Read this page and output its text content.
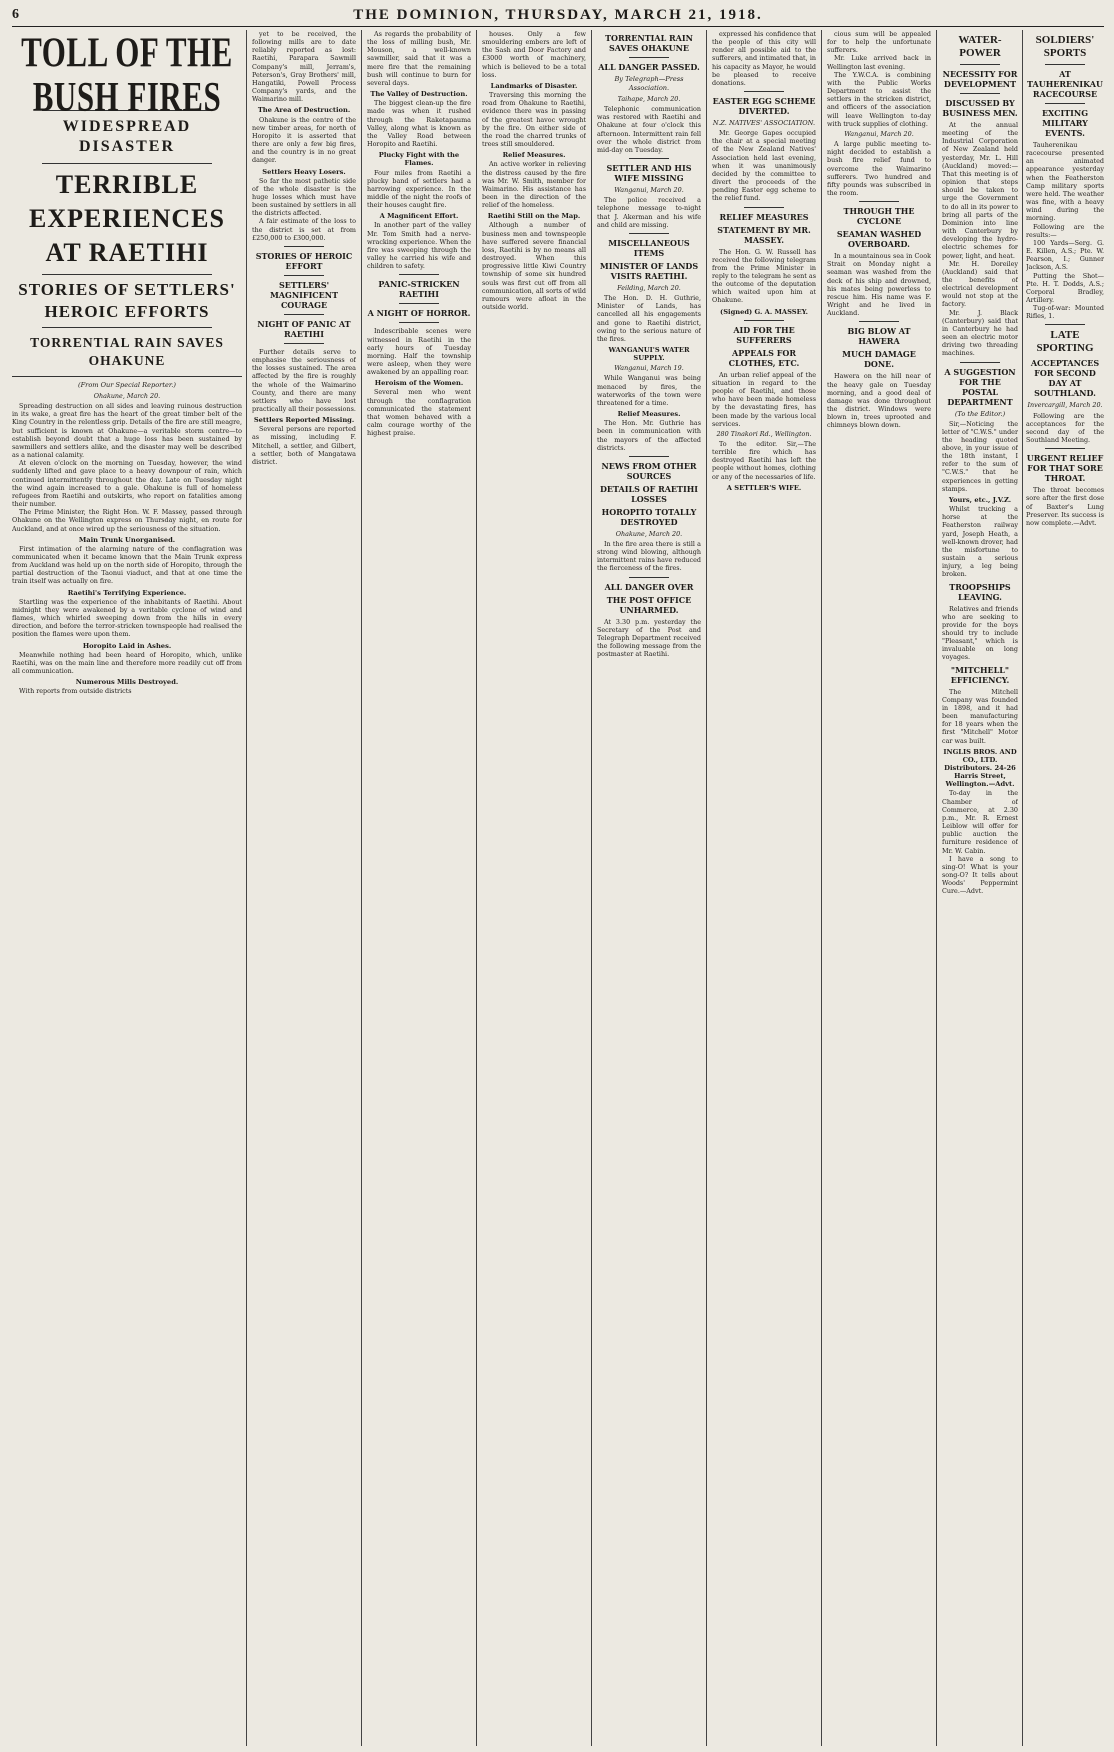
6	THE DOMINION, THURSDAY, MARCH 21, 1918.
TOLL OF THE BUSH FIRES
WIDESPREAD DISASTER
TERRIBLE EXPERIENCES AT RAETIHI
STORIES OF SETTLERS' HEROIC EFFORTS
TORRENTIAL RAIN SAVES OHAKUNE
(From Our Special Reporter.)
Ohakune, March 20.

Spreading destruction on all sides and leaving ruinous destruction in its wake, a great fire has the heart of the great timber belt of the King Country in the relentless grip. Details of the fire are still meagre, but sufficient is known at Ohakune—a veritable storm centre—to establish beyond doubt that a huge loss has been sustained by sawmillers and settlers alike, and the disaster may well be described as a national calamity.

At eleven o'clock on the morning on Tuesday, however, the wind suddenly lifted and gave place to a heavy downpour of rain, which continued intermittently throughout the day. Late on Tuesday night the wind again increased to a gale. Ohakune is full of homeless refugees from Raetihi and outskirts, who report on fatalities among their number.

The Prime Minister, the Right Hon. W. F. Massey, passed through Ohakune on the Wellington express on Thursday night, en route for Auckland, and at once wired up the seriousness of the situation.

Main Trunk Unorganised.

First intimation of the alarming nature of the conflagration was communicated when it became known that the Main Trunk express from Auckland was held up on the north side of Horopito, through the partial destruction of the Taonui viaduct, and that at one time the train itself was actually on fire.

Raetihi's Terrifying Experience.

Startling was the experience of the inhabitants of Raetihi. About midnight they were awakened by a veritable cyclone of wind and flames, which whirled sweeping down from the hills in every direction, and before the terror-stricken townspeople had realised the position the flames were upon them.

Horopito Laid in Ashes.

Meanwhile nothing had been heard of Horopito, which, unlike Raetihi, was on the main line and therefore more readily cut off from all communication.

Numerous Mills Destroyed.

With reports from outside districts

yet to be received, the following mills are to date reliably reported as lost: Raetihi, Parapara Sawmill Company's mill, Jerram's, Peterson's, Gray Brothers' mill, Hangatiki, Powell Process Company's yards, and the Waimarino mill.

The Area of Destruction.

Ohakune is the centre of the new timber areas, for north of Horopito it is asserted that there are only a few big fires, and the country is in no great danger.

Settlers Heavy Losers.

So far the most pathetic side of the whole disaster is the huge losses which must have been sustained by settlers in all the districts affected.

A fair estimate of the loss to the district is set at from £250,000 to £300,000.

STORIES OF HEROIC EFFORT
SETTLERS' MAGNIFICENT COURAGE
NIGHT OF PANIC AT RAETIHI

Further details serve to emphasise the seriousness of the losses sustained. The area affected by the fire is roughly the whole of the Waimarino County, and there are many settlers who have lost practically all their possessions.

Settlers Reported Missing.

Several persons are reported as missing, including F. Mitchell, a settler, and Gilbert, a settler, both of Mangatawa district.

As regards the probability of the loss of milling bush, Mr. Mouson, a well-known sawmiller, said that it was a mere fire that the remaining bush will continue to burn for several days.

The Valley of Destruction.

The biggest clean-up the fire made was when it rushed through the Raketapauma Valley, along what is known as the Valley Road between Horopito and Raetihi.

Plucky Fight with the Flames.

Four miles from Raetihi a plucky band of settlers had a harrowing experience. In the middle of the night the roofs of their houses caught fire.

A Magnificent Effort.

In another part of the valley Mr. Tom Smith had a nerve-wracking experience. When the fire was sweeping through the valley he carried his wife and children to safety.

PANIC-STRICKEN RAETIHI
A NIGHT OF HORROR.

Indescribable scenes were witnessed in Raetihi in the early hours of Tuesday morning. Half the township were asleep, when they were awakened by an appalling roar.

Heroism of the Women.

Several men who went through the conflagration communicated the statement that women behaved with a calm courage worthy of the highest praise.

houses. Only a few smouldering embers are left of the Sash and Door Factory and £3000 worth of machinery, which is believed to be a total loss.

Landmarks of Disaster.

Traversing this morning the road from Ohakune to Raetihi, evidence there was in passing of the greatest havoc wrought by the fire. On either side of the road the charred trunks of trees still smouldered.

Relief Measures.

An active worker in relieving the distress caused by the fire was Mr. W. Smith, member for Waimarino. His assistance has been in the direction of the relief of the homeless.

Raetihi Still on the Map.

Although a number of business men and townspeople have suffered severe financial loss, Raetihi is by no means all destroyed. When this progressive little Kiwi Country township of some six hundred souls was first cut off from all communication, all sorts of wild rumours were afloat in the outside world.

TORRENTIAL RAIN SAVES OHAKUNE
ALL DANGER PASSED.
By Telegraph—Press Association.
Taihape, March 20.

Telephonic communication was restored with Raetihi and Ohakune at four o'clock this afternoon. Intermittent rain fell over the whole district from mid-day on Tuesday.

SETTLER AND HIS WIFE MISSING
Wanganui, March 20.

The police received a telephone message to-night that J. Akerman and his wife and child are missing.

MISCELLANEOUS ITEMS
MINISTER OF LANDS VISITS RAETIHI.
Feilding, March 20.

The Hon. D. H. Guthrie, Minister of Lands, has cancelled all his engagements and gone to Raetihi district, owing to the serious nature of the fires.

WANGANUI'S WATER SUPPLY.
Wanganui, March 19.

While Wanganui was being menaced by fires, the waterworks of the town were threatened for a time.

Relief Measures.

The Hon. Mr. Guthrie has been in communication with the mayors of the affected districts.

NEWS FROM OTHER SOURCES
DETAILS OF RAETIHI LOSSES
HOROPITO TOTALLY DESTROYED
Ohakune, March 20.

In the fire area there is still a strong wind blowing, although intermittent rains have reduced the fierceness of the fires.

ALL DANGER OVER
THE POST OFFICE UNHARMED.

At 3.30 p.m. yesterday the Secretary of the Post and Telegraph Department received the following message from the postmaster at Raetihi.

expressed his confidence that the people of this city will render all possible aid to the sufferers, and intimated that, in his capacity as Mayor, he would be pleased to receive donations.

EASTER EGG SCHEME DIVERTED.
N.Z. NATIVES' ASSOCIATION.

Mr. George Gapes occupied the chair at a special meeting of the New Zealand Natives' Association held last evening, when it was unanimously decided by the committee to divert the proceeds of the pending Easter egg scheme to the relief fund.

RELIEF MEASURES
STATEMENT BY MR. MASSEY.

The Hon. G. W. Russell has received the following telegram from the Prime Minister in reply to the telegram he sent as the outcome of the deputation which waited upon him at Ohakune.

(Signed) G. A. MASSEY.
AID FOR THE SUFFERERS
APPEALS FOR CLOTHES, ETC.

An urban relief appeal of the situation in regard to the people of Raetihi, and those who have been made homeless by the devastating fires, has been made by the various local services.

280 Tinakori Rd., Wellington.

To the editor. Sir,—The terrible fire which has destroyed Raetihi has left the people without homes, clothing or any of the necessaries of life.

A SETTLER'S WIFE.

cious sum will be appealed for to help the unfortunate sufferers.

Mr. Luke arrived back in Wellington last evening.

The Y.W.C.A. is combining with the Public Works Department to assist the settlers in the stricken district, and officers of the association will leave Wellington to-day with truck supplies of clothing.

Wanganui, March 20.

A large public meeting to-night decided to establish a bush fire relief fund to overcome the Waimarino sufferers. Two hundred and fifty pounds was subscribed in the room.

THROUGH THE CYCLONE
SEAMAN WASHED OVERBOARD.

In a mountainous sea in Cook Strait on Monday night a seaman was washed from the deck of his ship and drowned, his mates being powerless to rescue him. His name was F. Wright and he lived in Auckland.

BIG BLOW AT HAWERA
MUCH DAMAGE DONE.

Hawera on the hill near of the heavy gale on Tuesday morning, and a good deal of damage was done throughout the district. Windows were blown in, trees uprooted and chimneys blown down.

WATER-POWER
NECESSITY FOR DEVELOPMENT
DISCUSSED BY BUSINESS MEN.

At the annual meeting of the Industrial Corporation of New Zealand held yesterday, Mr. L. Hill (Auckland) moved:—That this meeting is of opinion that steps should be taken to urge the Government to do all in its power to bring all parts of the Dominion into line with Canterbury by developing the hydro-electric schemes for power, light, and heat.

Mr. H. Doreiley (Auckland) said that the benefits of electrical development would not stop at the factory.

Mr. J. Black (Canterbury) said that in Canterbury he had seen an electric motor driving two threading machines.

A SUGGESTION FOR THE POSTAL DEPARTMENT
(To the Editor.)

Sir,—Noticing the letter of "C.W.S." under the heading quoted above, in your issue of the 18th instant, I refer to the sum of "C.W.S." that he experiences in getting stamps.

Yours, etc., J.V.Z.

Whilst trucking a horse at the Featherston railway yard, Joseph Heath, a well-known drover, had the misfortune to sustain a serious injury, a leg being broken.

TROOPSHIPS LEAVING.

Relatives and friends who are seeking to provide for the boys should try to include "Pleasant," which is invaluable on long voyages.

"MITCHELL" EFFICIENCY.

The Mitchell Company was founded in 1898, and it had been manufacturing for 18 years when the first "Mitchell" Motor car was built.

INGLIS BROS. AND CO., LTD. Distributors. 24-26 Harris Street, Wellington.—Advt.

To-day in the Chamber of Commerce, at 2.30 p.m., Mr. R. Ernest Leiblow will offer for public auction the furniture residence of Mr. W. Cabin.

I have a song to sing-O! What is your song-O? It tells about Woods' Peppermint Cure.—Advt.

SOLDIERS' SPORTS
AT TAUHERENIKAU RACECOURSE
EXCITING MILITARY EVENTS.

Tauherenikau racecourse presented an animated appearance yesterday when the Featherston Camp military sports were held. The weather was fine, with a heavy wind during the morning.

Following are the results:—

100 Yards—Serg. G. E. Killen, A.S.; Pte. W. Pearson, I.; Gunner Jackson, A.S.

Putting the Shot—Pte. H. T. Dodds, A.S.; Corporal Bradley, Artillery.

Tug-of-war: Mounted Rifles, 1.

LATE SPORTING
ACCEPTANCES FOR SECOND DAY AT SOUTHLAND.
Invercargill, March 20.

Following are the acceptances for the second day of the Southland Meeting.

URGENT RELIEF FOR THAT SORE THROAT.

The throat becomes sore after the first dose of Baxter's Lung Preserver. Its success is now complete.—Advt.
